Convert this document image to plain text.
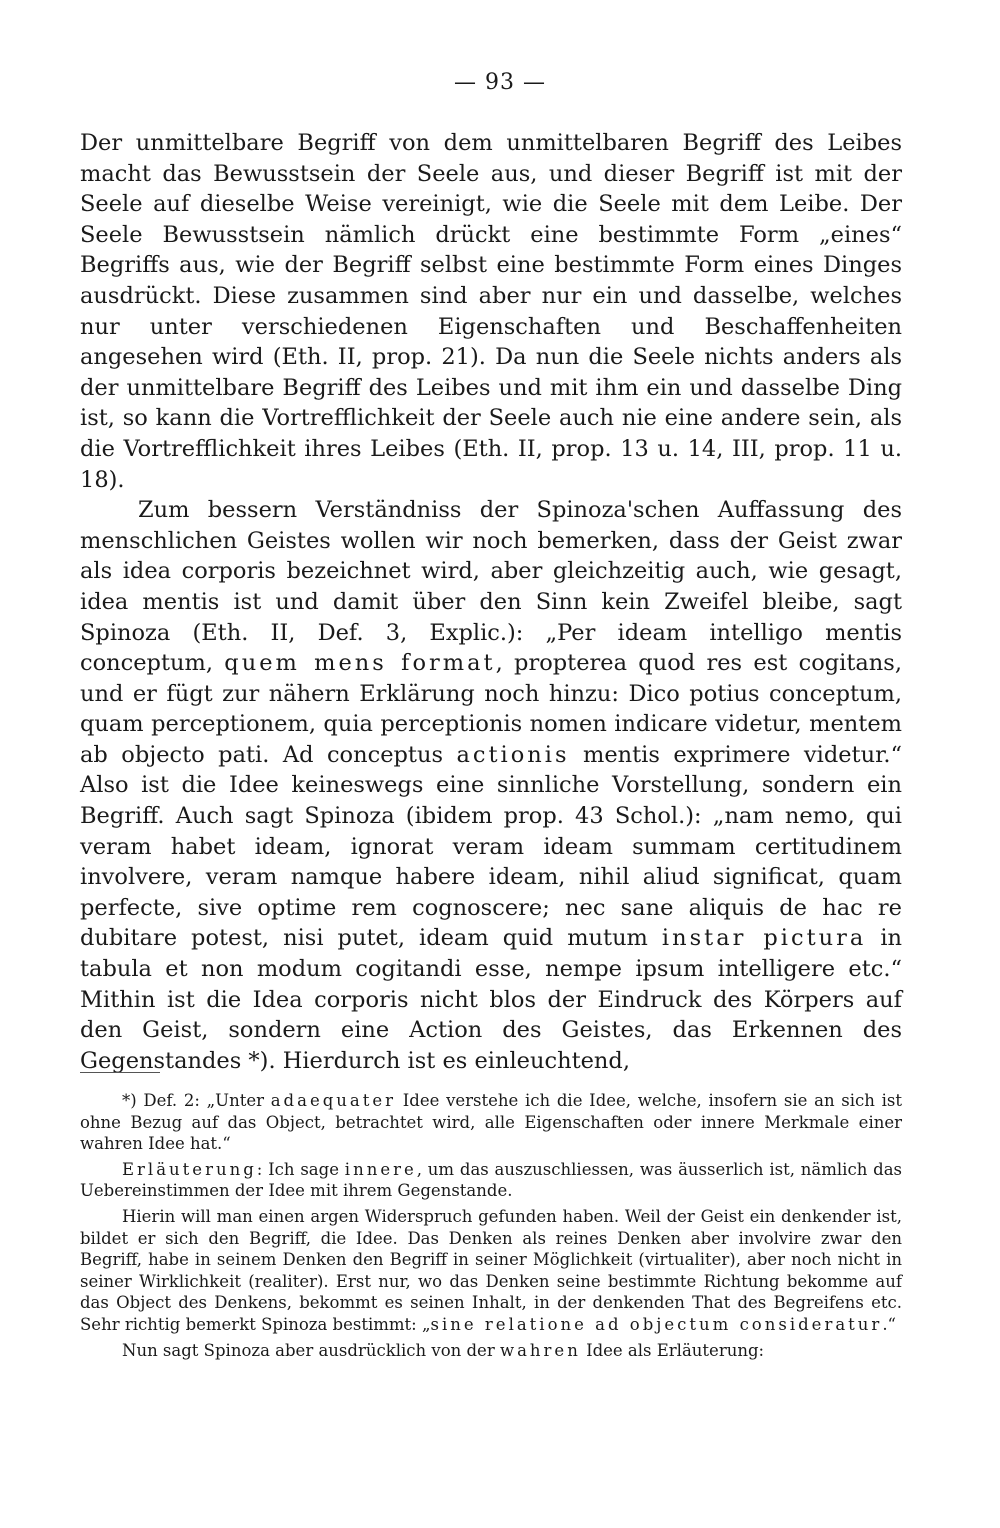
— 93 —

Der unmittelbare Begriff von dem unmittelbaren Begriff des Leibes macht das Bewusstsein der Seele aus, und dieser Begriff ist mit der Seele auf dieselbe Weise vereinigt, wie die Seele mit dem Leibe. Der Seele Bewusstsein nämlich drückt eine bestimmte Form „eines“ Begriffs aus, wie der Begriff selbst eine bestimmte Form eines Dinges ausdrückt. Diese zusammen sind aber nur ein und dasselbe, welches nur unter verschiedenen Eigenschaften und Beschaffenheiten angesehen wird (Eth. II, prop. 21). Da nun die Seele nichts anders als der unmittelbare Begriff des Leibes und mit ihm ein und dasselbe Ding ist, so kann die Vortrefflichkeit der Seele auch nie eine andere sein, als die Vortrefflichkeit ihres Leibes (Eth. II, prop. 13 u. 14, III, prop. 11 u. 18).

Zum bessern Verständniss der Spinoza'schen Auffassung des menschlichen Geistes wollen wir noch bemerken, dass der Geist zwar als idea corporis bezeichnet wird, aber gleichzeitig auch, wie gesagt, idea mentis ist und damit über den Sinn kein Zweifel bleibe, sagt Spinoza (Eth. II, Def. 3, Explic.): „Per ideam intelligo mentis conceptum, quem mens format, propterea quod res est cogitans, und er fügt zur nähern Erklärung noch hinzu: Dico potius conceptum, quam perceptionem, quia perceptionis nomen indicare videtur, mentem ab objecto pati. Ad conceptus actionis mentis exprimere videtur.“ Also ist die Idee keineswegs eine sinnliche Vorstellung, sondern ein Begriff. Auch sagt Spinoza (ibidem prop. 43 Schol.): „nam nemo, qui veram habet ideam, ignorat veram ideam summam certitudinem involvere, veram namque habere ideam, nihil aliud significat, quam perfecte, sive optime rem cognoscere; nec sane aliquis de hac re dubitare potest, nisi putet, ideam quid mutum instar pictura in tabula et non modum cogitandi esse, nempe ipsum intelligere etc.“ Mithin ist die Idea corporis nicht blos der Eindruck des Körpers auf den Geist, sondern eine Action des Geistes, das Erkennen des Gegenstandes *). Hierdurch ist es einleuchtend,

*) Def. 2: „Unter adaequater Idee verstehe ich die Idee, welche, insofern sie an sich ist ohne Bezug auf das Object, betrachtet wird, alle Eigenschaften oder innere Merkmale einer wahren Idee hat.“

Erläuterung: Ich sage innere, um das auszuschliessen, was äusserlich ist, nämlich das Uebereinstimmen der Idee mit ihrem Gegenstande.

Hierin will man einen argen Widerspruch gefunden haben. Weil der Geist ein denkender ist, bildet er sich den Begriff, die Idee. Das Denken als reines Denken aber involvire zwar den Begriff, habe in seinem Denken den Begriff in seiner Möglichkeit (virtualiter), aber noch nicht in seiner Wirklichkeit (realiter). Erst nur, wo das Denken seine bestimmte Richtung bekomme auf das Object des Denkens, bekommt es seinen Inhalt, in der denkenden That des Begreifens etc. Sehr richtig bemerkt Spinoza bestimmt: „sine relatione ad objectum consideratur.“

Nun sagt Spinoza aber ausdrücklich von der wahren Idee als Erläuterung:
